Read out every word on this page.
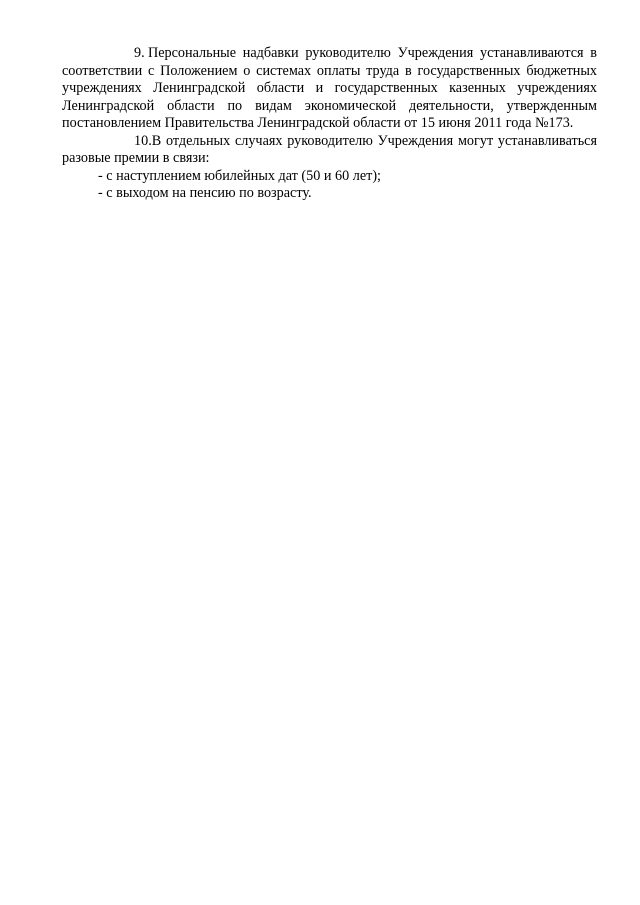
9. Персональные надбавки руководителю Учреждения устанавливаются в соответствии с Положением о системах оплаты труда в государственных бюджетных учреждениях Ленинградской области и государственных казенных учреждениях Ленинградской области по видам экономической деятельности, утвержденным постановлением Правительства Ленинградской области от 15 июня 2011 года №173.

10.В отдельных случаях руководителю Учреждения могут устанавливаться разовые премии в связи:

- с наступлением юбилейных дат (50 и 60 лет);

- с выходом на пенсию по возрасту.
